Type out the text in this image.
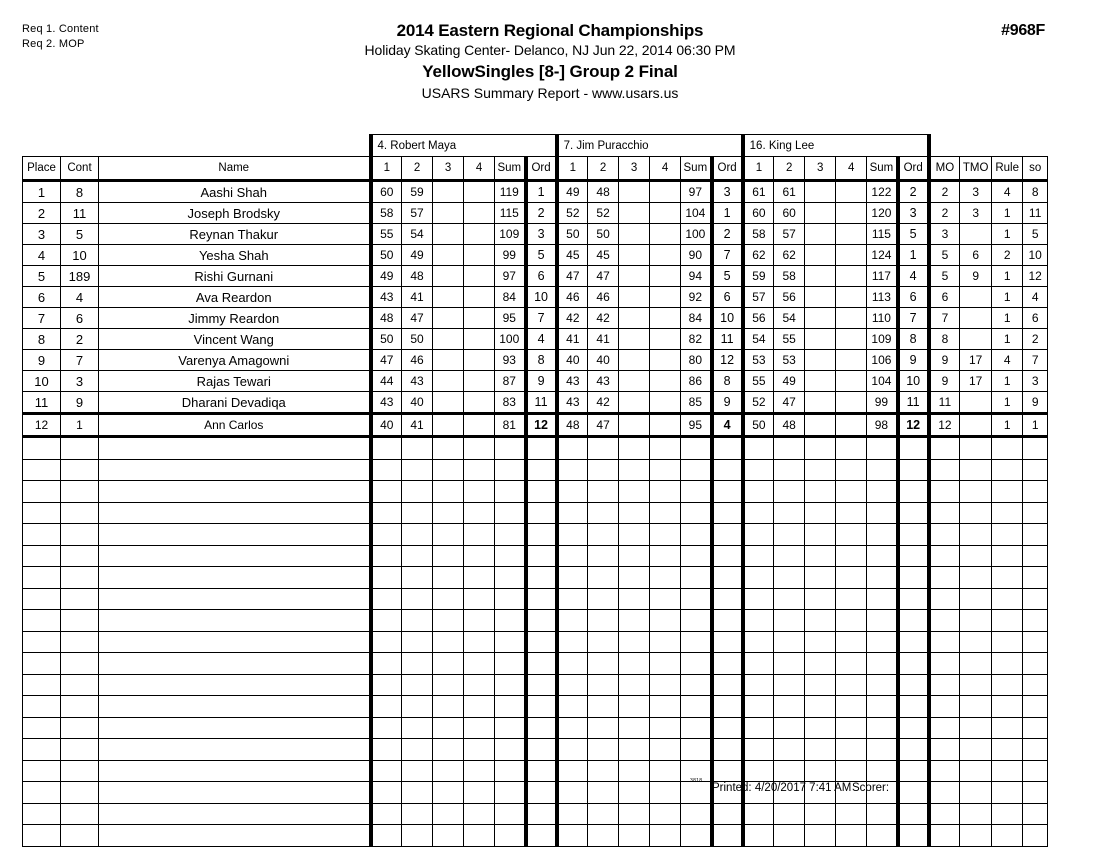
Req 1. Content
Req 2. MOP
2014 Eastern Regional Championships
Holiday Skating Center- Delanco, NJ Jun 22, 2014 06:30 PM
YellowSingles [8-] Group 2 Final
USARS Summary Report - www.usars.us
#968F
			4. Robert Maya						7. Jim Puracchio						16. King Lee									
Place	Cont	Name	1	2	3	4	Sum	Ord	1	2	3	4	Sum	Ord	1	2	3	4	Sum	Ord	MO	TMO	Rule	so
1	8	Aashi Shah	60	59			119	1	49	48			97	3	61	61			122	2	2	3	4	8
2	11	Joseph Brodsky	58	57			115	2	52	52			104	1	60	60			120	3	2	3	1	11
3	5	Reynan Thakur	55	54			109	3	50	50			100	2	58	57			115	5	3		1	5
4	10	Yesha Shah	50	49			99	5	45	45			90	7	62	62			124	1	5	6	2	10
5	189	Rishi Gurnani	49	48			97	6	47	47			94	5	59	58			117	4	5	9	1	12
6	4	Ava Reardon	43	41			84	10	46	46			92	6	57	56			113	6	6		1	4
7	6	Jimmy Reardon	48	47			95	7	42	42			84	10	56	54			110	7	7		1	6
8	2	Vincent Wang	50	50			100	4	41	41			82	11	54	55			109	8	8		1	2
9	7	Varenya Amagowni	47	46			93	8	40	40			80	12	53	53			106	9	9	17	4	7
10	3	Rajas Tewari	44	43			87	9	43	43			86	8	55	49			104	10	9	17	1	3
11	9	Dharani Devadiqa	43	40			83	11	43	42			85	9	52	47			99	11	11		1	9
12	1	Ann Carlos	40	41			81	12	48	47			95	4	50	48			98	12	12		1	1

3818
Printed: 4/20/2017 7:41 AM Scorer:
